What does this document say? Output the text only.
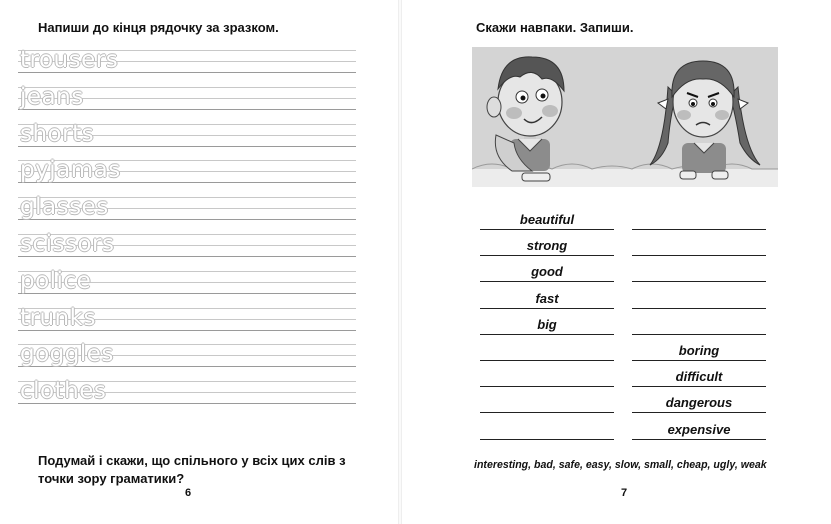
Напиши до кінця рядочку за зразком.

trousers
jeans
shorts
pyjamas
glasses
scissors
police
trunks
goggles
clothes

Подумай і скажи, що спільного у всіх цих слів з точки зору граматики?

6

Скажи навпаки. Запиши.

beautiful
strong
good
fast
big
boring
difficult
dangerous
expensive

interesting, bad, safe, easy, slow, small, cheap, ugly, weak

7
